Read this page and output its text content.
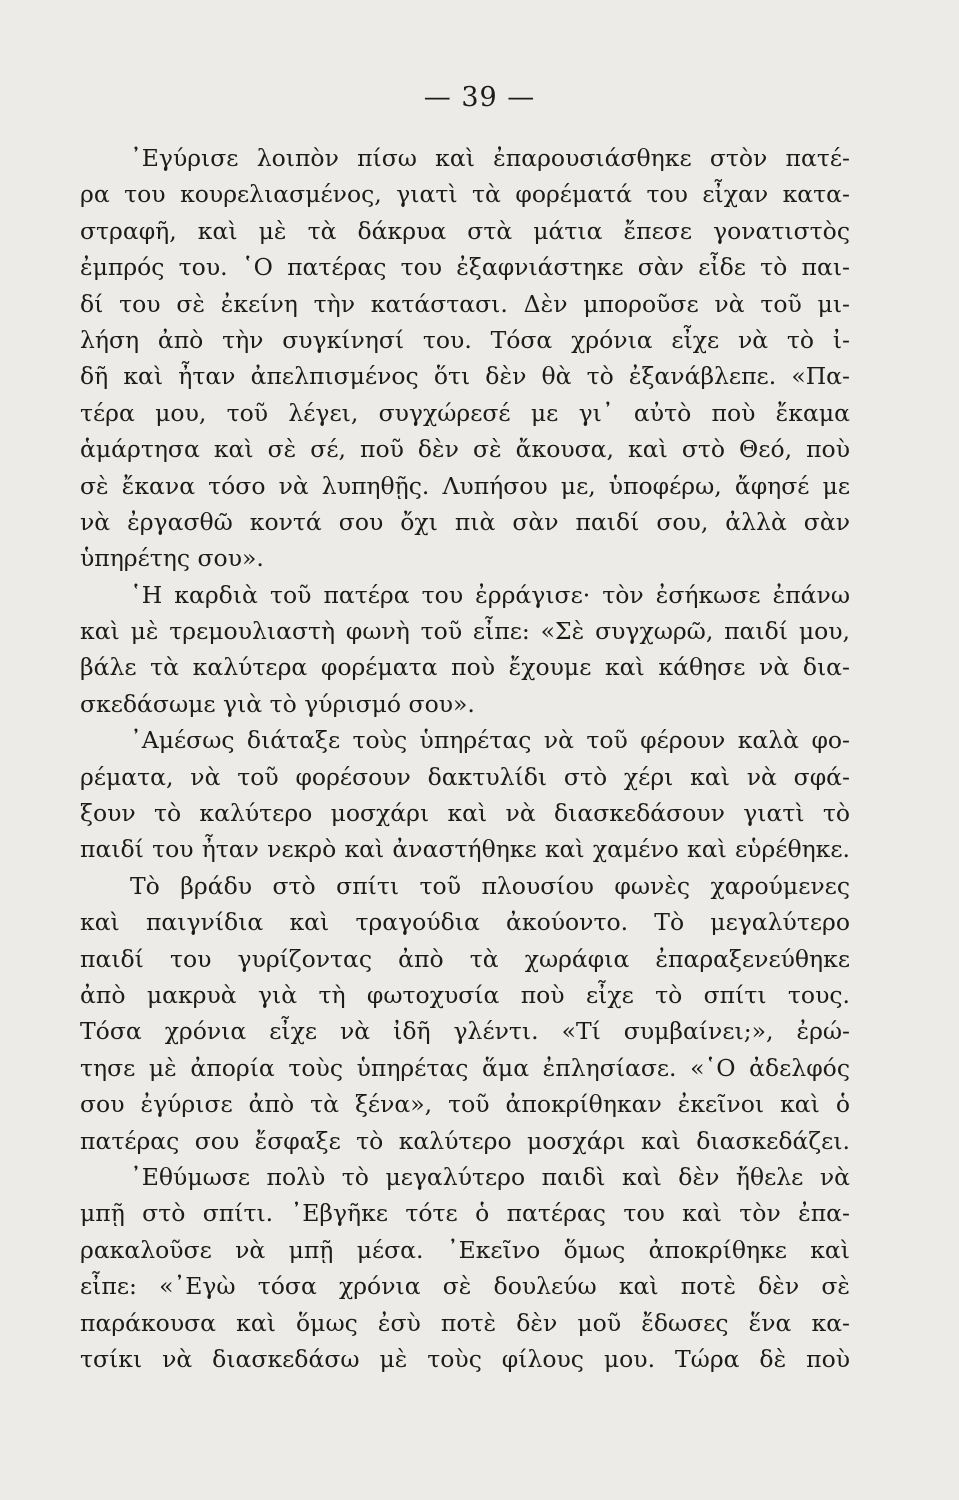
— 39 —
᾿Εγύρισε λοιπὸν πίσω καὶ ἐπαρουσιάσθηκε στὸν πατέ-
ρα του κουρελιασμένος, γιατὶ τὰ φορέματά του εἶχαν κατα-
στραφῆ, καὶ μὲ τὰ δάκρυα στὰ μάτια ἔπεσε γονατιστὸς
ἐμπρός του. ῾Ο πατέρας του ἐξαφνιάστηκε σὰν εἶδε τὸ παι-
δί του σὲ ἐκείνη τὴν κατάστασι. Δὲν μποροῦσε νὰ τοῦ μι-
λήση ἀπὸ τὴν συγκίνησί του. Τόσα χρόνια εἶχε νὰ τὸ ἰ-
δῆ καὶ ἦταν ἀπελπισμένος ὅτι δὲν θὰ τὸ ἐξανάβλεπε. «Πα-
τέρα μου, τοῦ λέγει, συγχώρεσέ με γι᾿ αὐτὸ ποὺ ἔκαμα
ἁμάρτησα καὶ σὲ σέ, ποῦ δὲν σὲ ἄκουσα, καὶ στὸ Θεό, ποὺ
σὲ ἔκανα τόσο νὰ λυπηθῇς. Λυπήσου με, ὑποφέρω, ἄφησέ με
νὰ ἐργασθῶ κοντά σου ὄχι πιὰ σὰν παιδί σου, ἀλλὰ σὰν
ὑπηρέτης σου».
῾Η καρδιὰ τοῦ πατέρα του ἐρράγισε· τὸν ἐσήκωσε ἐπάνω
καὶ μὲ τρεμουλιαστὴ φωνὴ τοῦ εἶπε: «Σὲ συγχωρῶ, παιδί μου,
βάλε τὰ καλύτερα φορέματα ποὺ ἔχουμε καὶ κάθησε νὰ δια-
σκεδάσωμε γιὰ τὸ γύρισμό σου».
᾿Αμέσως διάταξε τοὺς ὑπηρέτας νὰ τοῦ φέρουν καλὰ φο-
ρέματα, νὰ τοῦ φορέσουν δακτυλίδι στὸ χέρι καὶ νὰ σφά-
ξουν τὸ καλύτερο μοσχάρι καὶ νὰ διασκεδάσουν γιατὶ τὸ
παιδί του ἦταν νεκρὸ καὶ ἀναστήθηκε καὶ χαμένο καὶ εὑρέθηκε.
Τὸ βράδυ στὸ σπίτι τοῦ πλουσίου φωνὲς χαρούμενες
καὶ παιγνίδια καὶ τραγούδια ἀκούοντο. Τὸ μεγαλύτερο
παιδί του γυρίζοντας ἀπὸ τὰ χωράφια ἐπαραξενεύθηκε
ἀπὸ μακρυὰ γιὰ τὴ φωτοχυσία ποὺ εἶχε τὸ σπίτι τους.
Τόσα χρόνια εἶχε νὰ ἰδῆ γλέντι. «Τί συμβαίνει;», ἐρώ-
τησε μὲ ἀπορία τοὺς ὑπηρέτας ἅμα ἐπλησίασε. «῾Ο ἀδελφός
σου ἐγύρισε ἀπὸ τὰ ξένα», τοῦ ἀποκρίθηκαν ἐκεῖνοι καὶ ὁ
πατέρας σου ἔσφαξε τὸ καλύτερο μοσχάρι καὶ διασκεδάζει.
᾿Εθύμωσε πολὺ τὸ μεγαλύτερο παιδὶ καὶ δὲν ἤθελε νὰ
μπῇ στὸ σπίτι. ᾿Εβγῆκε τότε ὁ πατέρας του καὶ τὸν ἐπα-
ρακαλοῦσε νὰ μπῇ μέσα. ᾿Εκεῖνο ὅμως ἀποκρίθηκε καὶ
εἶπε: «᾿Εγὼ τόσα χρόνια σὲ δουλεύω καὶ ποτὲ δὲν σὲ
παράκουσα καὶ ὅμως ἐσὺ ποτὲ δὲν μοῦ ἔδωσες ἕνα κα-
τσίκι νὰ διασκεδάσω μὲ τοὺς φίλους μου. Τώρα δὲ ποὺ
